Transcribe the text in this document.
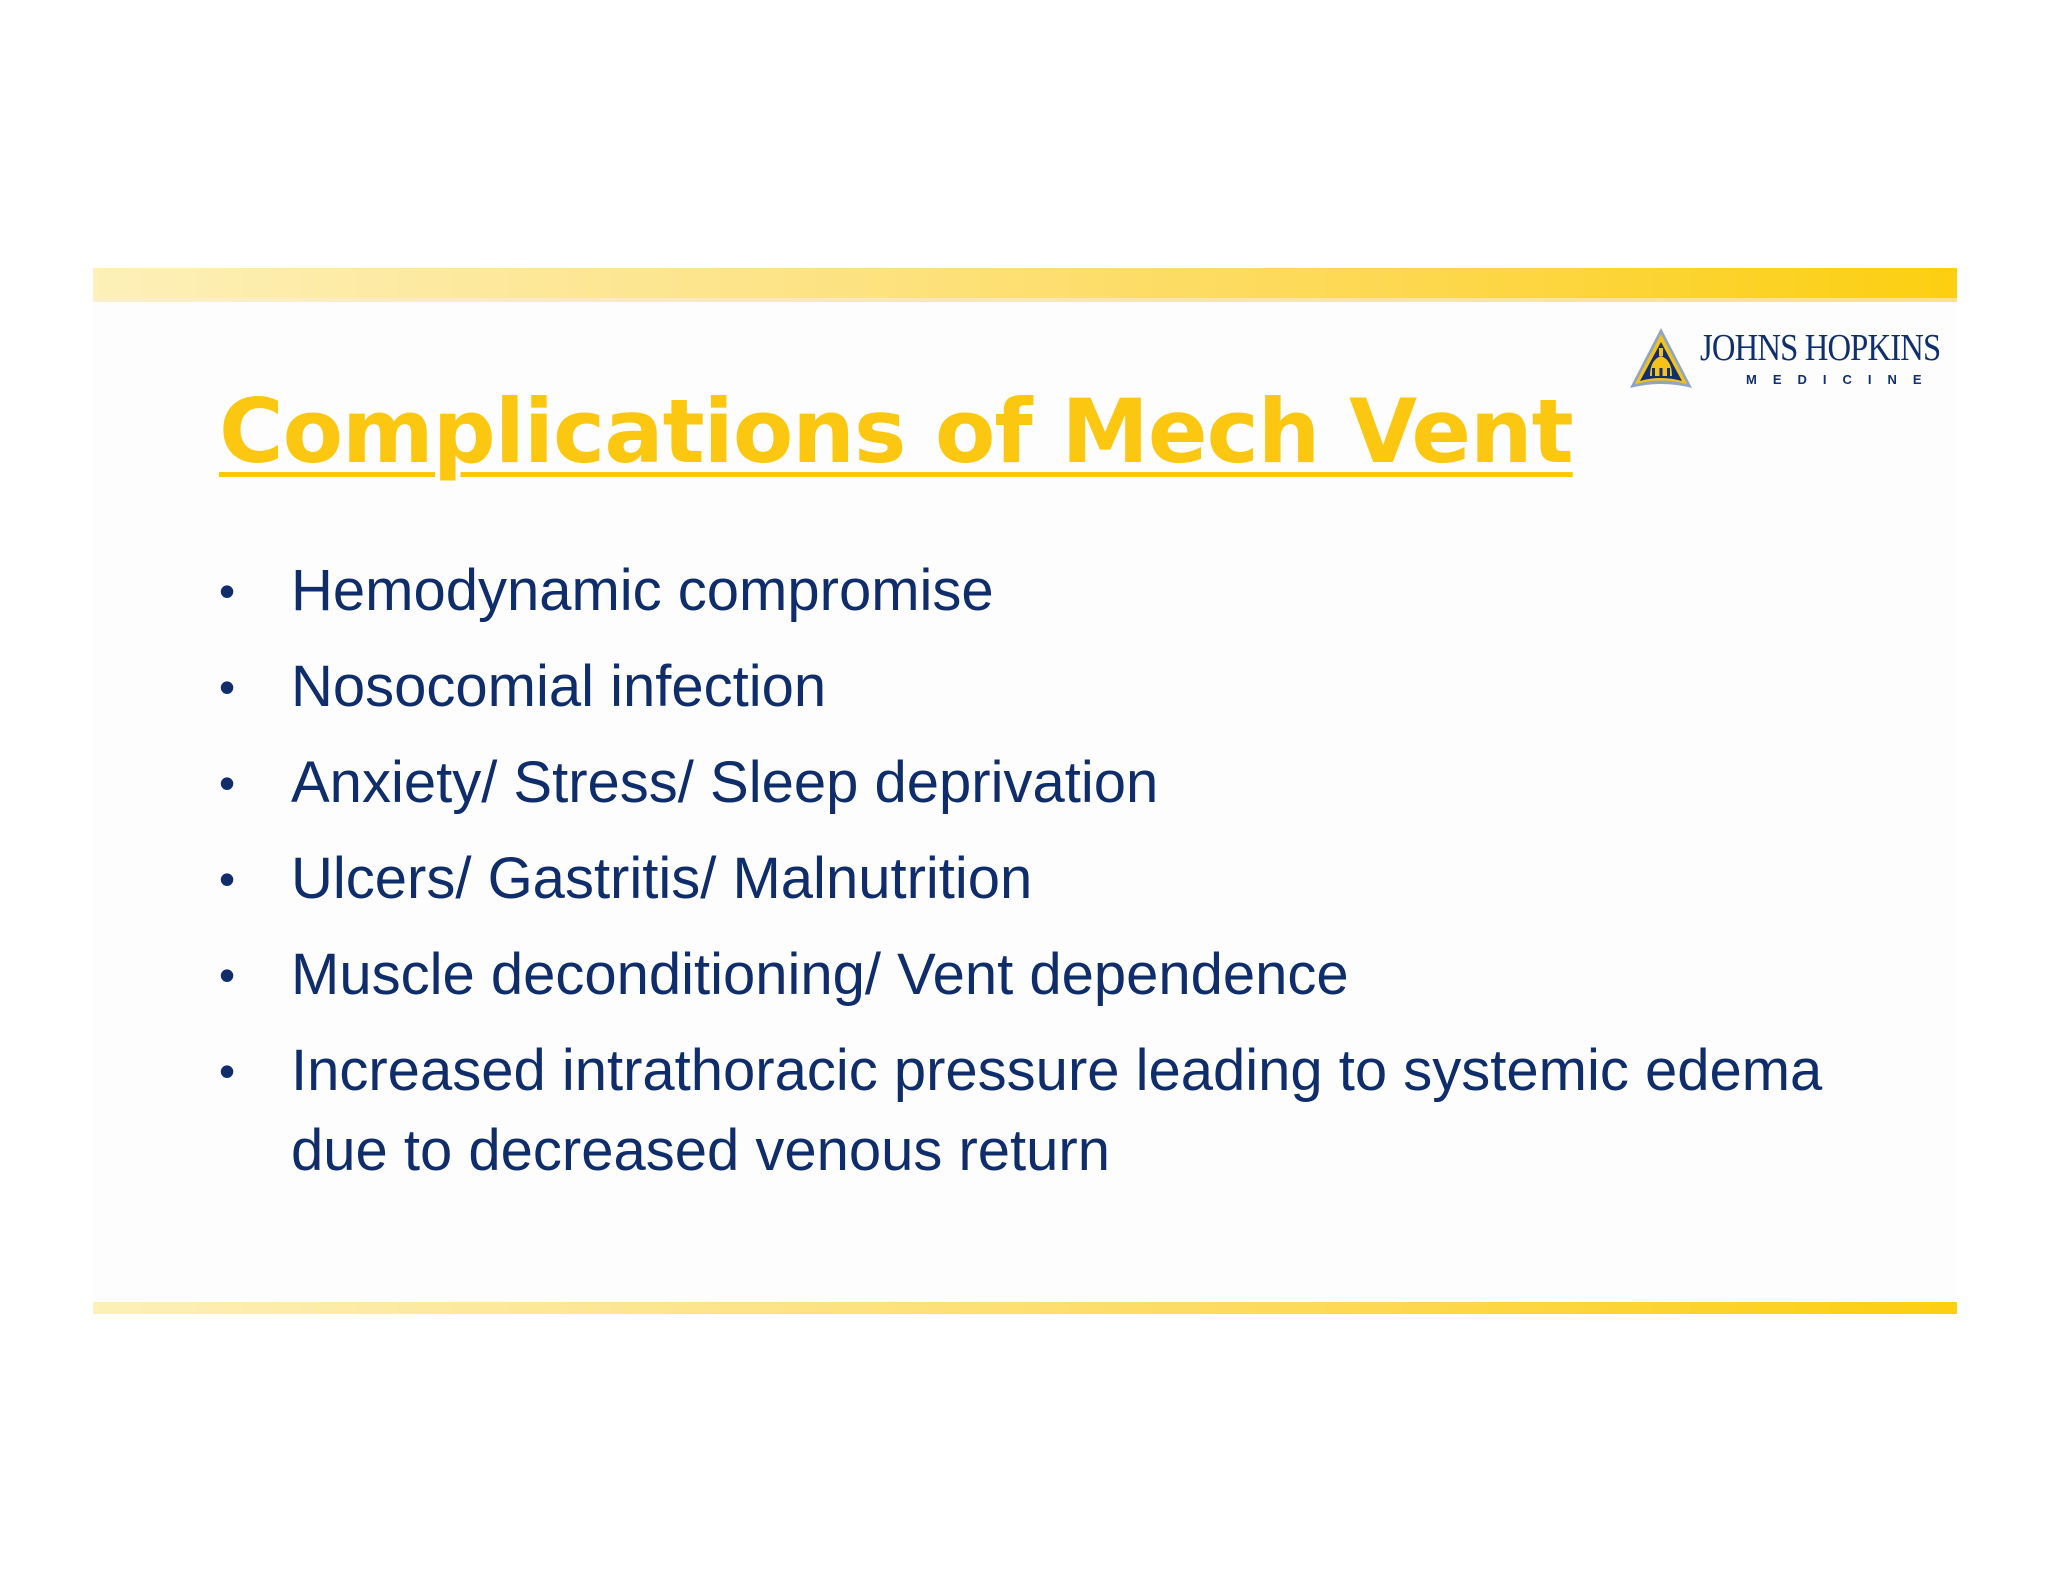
JOHNS HOPKINS
MEDICINE
Complications of Mech Vent
• Hemodynamic compromise
• Nosocomial infection
• Anxiety/ Stress/ Sleep deprivation
• Ulcers/ Gastritis/ Malnutrition
• Muscle deconditioning/ Vent dependence
• Increased intrathoracic pressure leading to systemic edema due to decreased venous return
